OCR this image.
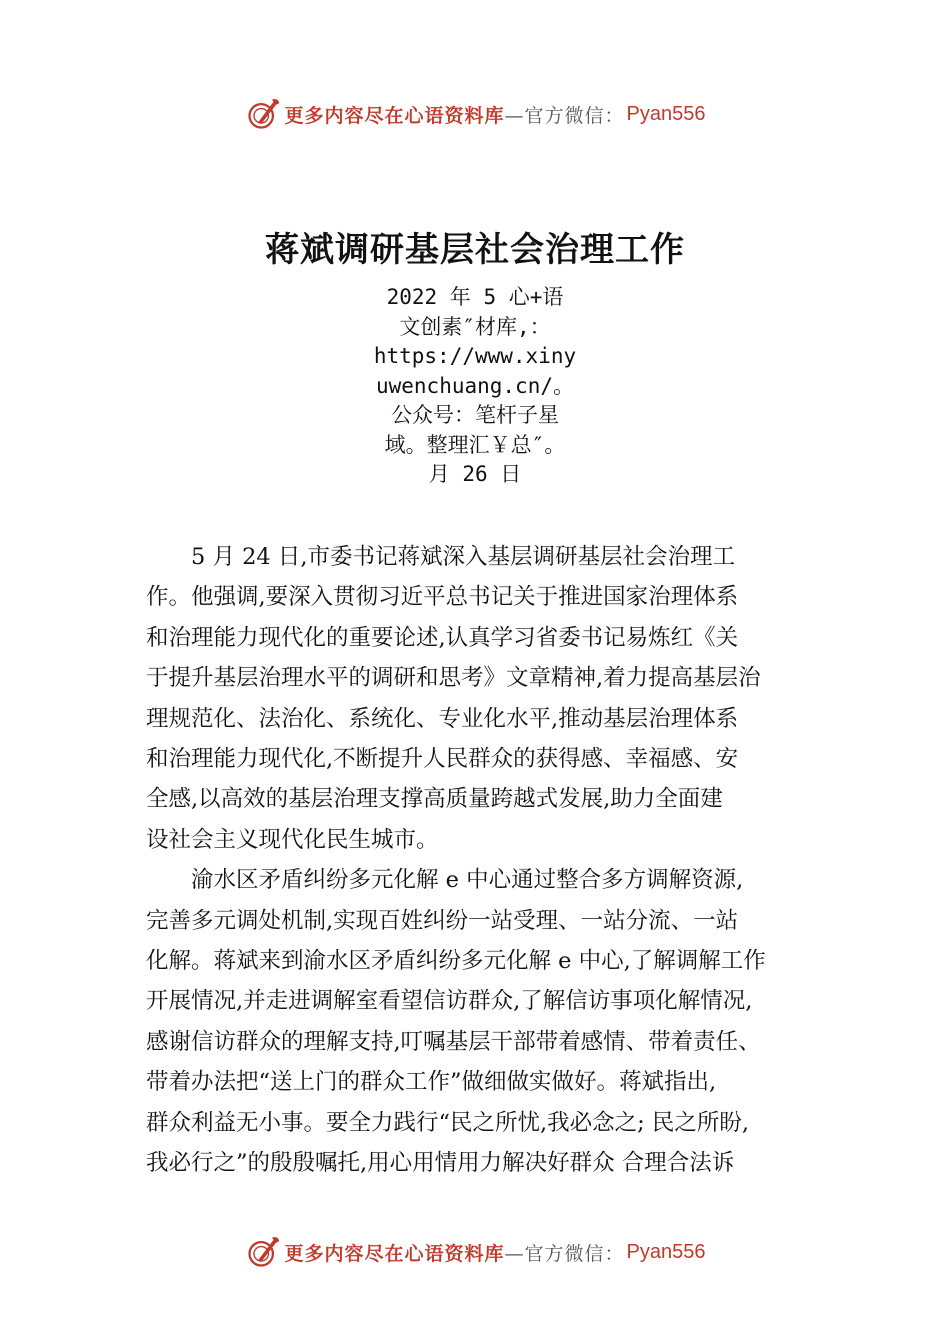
更多内容尽在心语资料库 —官方微信： Pyan556
蒋斌调研基层社会治理工作
2022 年 5 心+语
文创素″材库,：
https://www.xiny
uwenchuang.cn/。
公众号：笔杆子星
域。整理汇￥总″。
月 26 日
5 月 24 日,市委书记蒋斌深入基层调研基层社会治理工
作。他强调,要深入贯彻习近平总书记关于推进国家治理体系
和治理能力现代化的重要论述,认真学习省委书记易炼红《关
于提升基层治理水平的调研和思考》文章精神,着力提高基层治
理规范化、法治化、系统化、专业化水平,推动基层治理体系
和治理能力现代化,不断提升人民群众的获得感、幸福感、安
全感,以高效的基层治理支撑高质量跨越式发展,助力全面建
设社会主义现代化民生城市。
渝水区矛盾纠纷多元化解 e 中心通过整合多方调解资源,
完善多元调处机制,实现百姓纠纷一站受理、一站分流、一站
化解。蒋斌来到渝水区矛盾纠纷多元化解 e 中心,了解调解工作
开展情况,并走进调解室看望信访群众,了解信访事项化解情况,
感谢信访群众的理解支持,叮嘱基层干部带着感情、带着责任、
带着办法把“送上门的群众工作”做细做实做好。蒋斌指出,
群众利益无小事。要全力践行“民之所忧,我必念之; 民之所盼,
我必行之”的殷殷嘱托,用心用情用力解决好群众 合理合法诉
更多内容尽在心语资料库 —官方微信： Pyan556
